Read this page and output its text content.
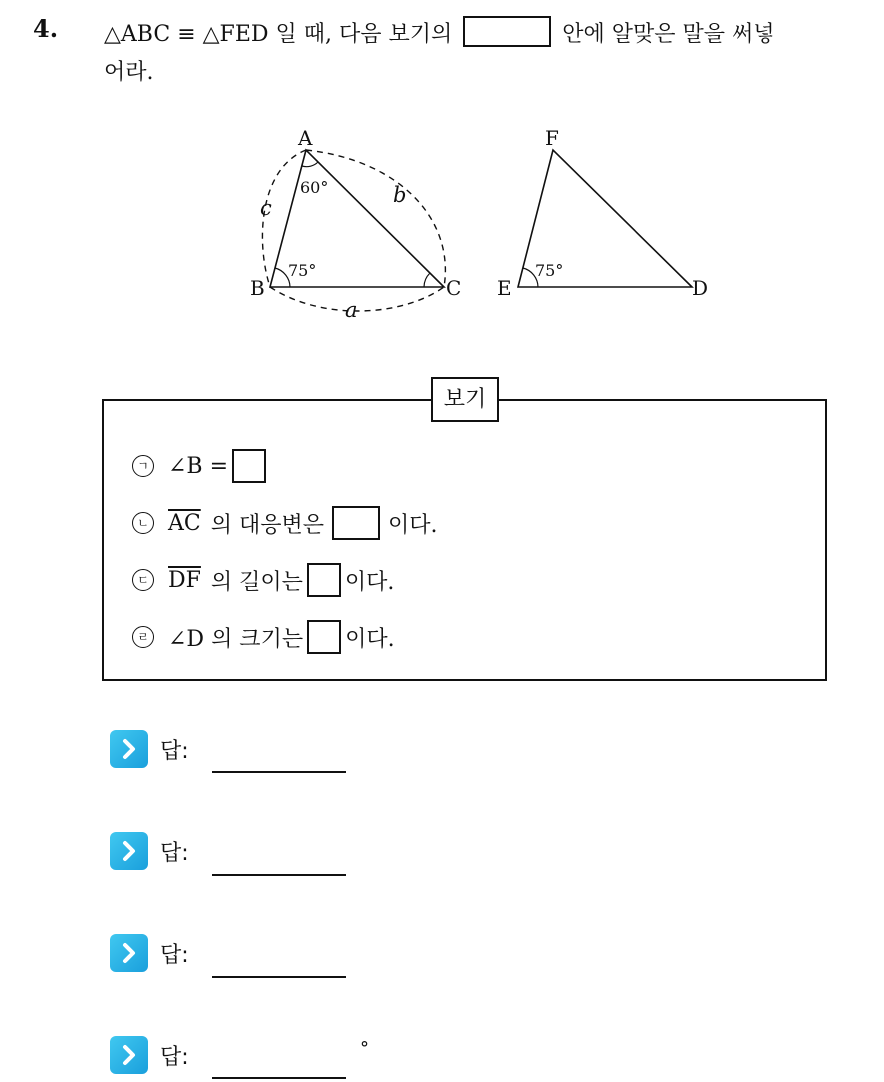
4. △ABC ≡ △FED 일 때, 다음 보기의	안에 알맞은 말을 써넣
어라.
A
B	C
c
b
a
60°
75°
F
E	D
75°
보기
ㄱ ∠B =
ㄴ $\overline{AC}$ 의 대응변은	이다.
ㄷ $\overline{DF}$ 의 길이는 이다.
ㄹ ∠D 의 크기는 이다.
답:
답:
답:
답:	°
